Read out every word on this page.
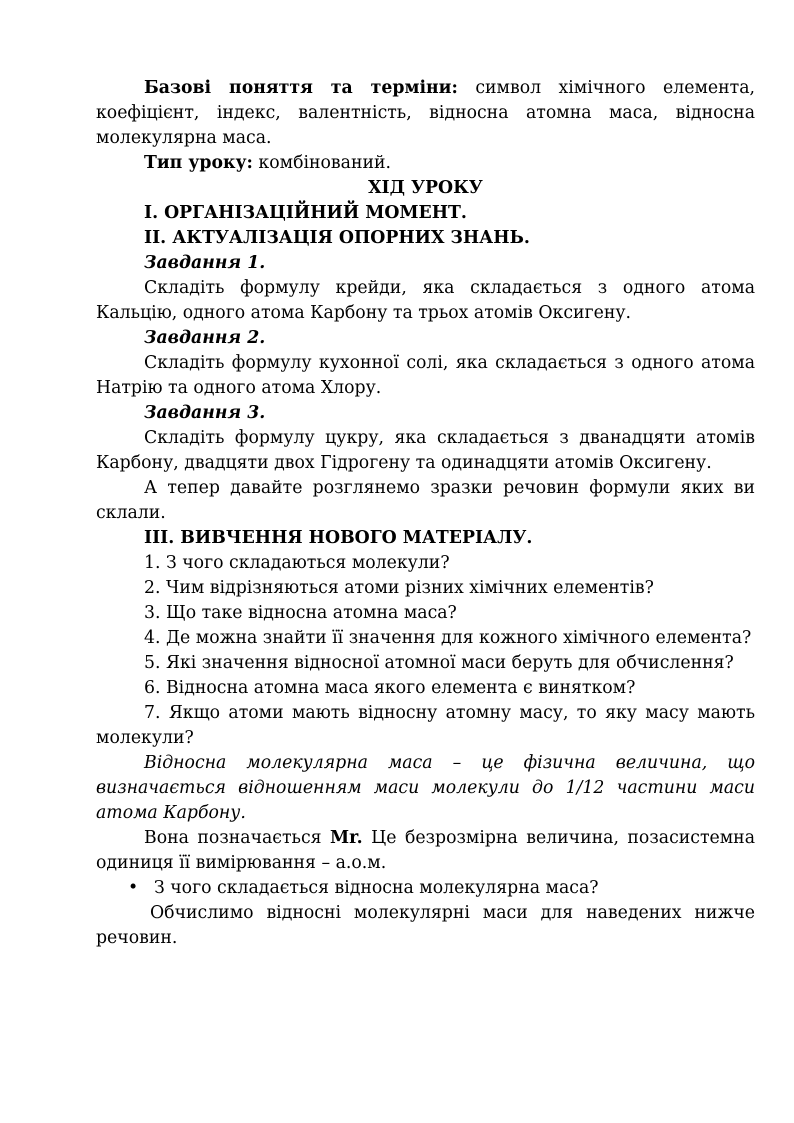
Базові поняття та терміни: символ хімічного елемента, коефіцієнт, індекс, валентність, відносна атомна маса, відносна молекулярна маса.

Тип уроку: комбінований.

ХІД УРОКУ

І. ОРГАНІЗАЦІЙНИЙ МОМЕНТ.

ІІ. АКТУАЛІЗАЦІЯ ОПОРНИХ ЗНАНЬ.

Завдання 1.

Складіть формулу крейди, яка складається з одного атома Кальцію, одного атома Карбону та трьох атомів Оксигену.

Завдання 2.

Складіть формулу кухонної солі, яка складається з одного атома Натрію та одного атома Хлору.

Завдання 3.

Складіть формулу цукру, яка складається з дванадцяти атомів Карбону, двадцяти двох Гідрогену та одинадцяти атомів Оксигену.

А тепер давайте розглянемо зразки речовин формули яких ви склали.

ІІІ. ВИВЧЕННЯ НОВОГО МАТЕРІАЛУ.

1. З чого складаються молекули?

2. Чим відрізняються атоми різних хімічних елементів?

3. Що таке відносна атомна маса?

4. Де можна знайти її значення для кожного хімічного елемента?

5. Які значення відносної атомної маси беруть для обчислення?

6. Відносна атомна маса якого елемента є винятком?

7. Якщо атоми мають відносну атомну масу, то яку масу мають молекули?

Відносна молекулярна маса – це фізична величина, що визначається відношенням маси молекули до 1/12 частини маси атома Карбону.

Вона позначається Mr. Це безрозмірна величина, позасистемна одиниця її вимірювання – а.о.м.

• З чого складається відносна молекулярна маса?

Обчислимо відносні молекулярні маси для наведених нижче речовин.
